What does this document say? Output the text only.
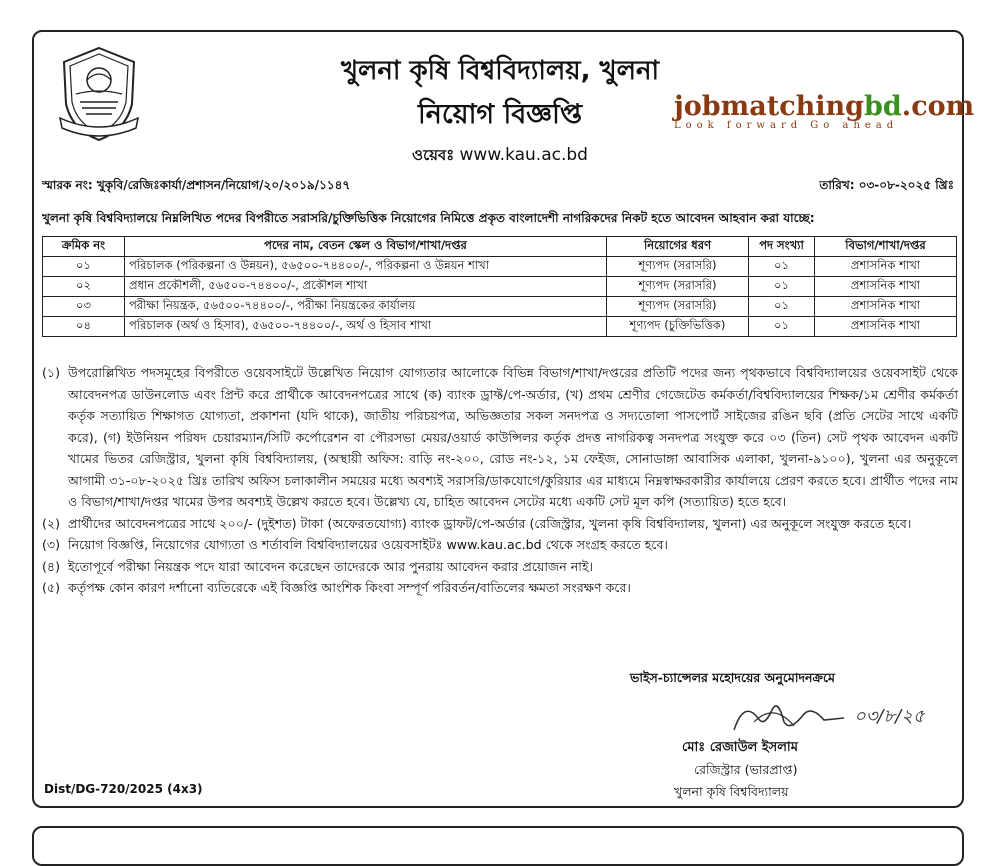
খুলনা কৃষি বিশ্ববিদ্যালয়, খুলনা
নিয়োগ বিজ্ঞপ্তি	jobmatchingbd.com
Look forward Go ahead
ওয়েবঃ www.kau.ac.bd
স্মারক নং: খুকৃবি/রেজিঃকার্যা/প্রশাসন/নিয়োগ/২০/২০১৯/১১৪৭	তারিখ: ০৩-০৮-২০২৫ খ্রিঃ
খুলনা কৃষি বিশ্ববিদ্যালয়ে নিম্নলিখিত পদের বিপরীতে সরাসরি/চুক্তিভিত্তিক নিয়োগের নিমিত্তে প্রকৃত বাংলাদেশী নাগরিকদের নিকট হতে আবেদন আহবান করা যাচ্ছে:
ক্রমিক নং	পদের নাম, বেতন স্কেল ও বিভাগ/শাখা/দপ্তর	নিয়োগের ধরণ	পদ সংখ্যা	বিভাগ/শাখা/দপ্তর
০১	পরিচালক (পরিকল্পনা ও উন্নয়ন), ৫৬৫০০-৭৪৪০০/-, পরিকল্পনা ও উন্নয়ন শাখা	শূণ্যপদ (সরাসরি)	০১	প্রশাসনিক শাখা
০২	প্রধান প্রকৌশলী, ৫৬৫০০-৭৪৪০০/-, প্রকৌশল শাখা	শূণ্যপদ (সরাসরি)	০১	প্রশাসনিক শাখা
০৩	পরীক্ষা নিয়ন্ত্রক, ৫৬৫০০-৭৪৪০০/-, পরীক্ষা নিয়ন্ত্রকের কার্যালয়	শূণ্যপদ (সরাসরি)	০১	প্রশাসনিক শাখা
০৪	পরিচালক (অর্থ ও হিসাব), ৫৬৫০০-৭৪৪০০/-, অর্থ ও হিসাব শাখা	শূণ্যপদ (চুক্তিভিত্তিক)	০১	প্রশাসনিক শাখা
(১) উপরোল্লিখিত পদসমূহের বিপরীতে ওয়েবসাইটে উল্লেখিত নিয়োগ যোগ্যতার আলোকে বিভিন্ন বিভাগ/শাখা/দপ্তরের প্রতিটি পদের জন্য পৃথকভাবে বিশ্ববিদ্যালয়ের ওয়েবসাইট থেকে আবেদনপত্র ডাউনলোড এবং প্রিন্ট করে প্রার্থীকে আবেদনপত্রের সাথে (ক) ব্যাংক ড্রাফ্ট/পে-অর্ডার, (খ) প্রথম শ্রেণীর গেজেটেড কর্মকর্তা/বিশ্ববিদ্যালয়ের শিক্ষক/১ম শ্রেণীর কর্মকর্তা কর্তৃক সত্যায়িত শিক্ষাগত যোগ্যতা, প্রকাশনা (যদি থাকে), জাতীয় পরিচয়পত্র, অভিজ্ঞতার সকল সনদপত্র ও সদ্যতোলা পাসপোর্ট সাইজের রঙিন ছবি (প্রতি সেটের সাথে একটি করে), (গ) ইউনিয়ন পরিষদ চেয়ারম্যান/সিটি কর্পোরেশন বা পৌরসভা মেয়র/ওয়ার্ড কাউন্সিলর কর্তৃক প্রদত্ত নাগরিকত্ব সনদপত্র সংযুক্ত করে ০৩ (তিন) সেট পৃথক আবেদন একটি খামের ভিতর রেজিস্ট্রার, খুলনা কৃষি বিশ্ববিদ্যালয়, (অস্থায়ী অফিস: বাড়ি নং-২০০, রোড নং-১২, ১ম ফেইজ, সোনাডাঙ্গা আবাসিক এলাকা, খুলনা-৯১০০), খুলনা এর অনুকূলে আগামী ৩১-০৮-২০২৫ খ্রিঃ তারিখ অফিস চলাকালীন সময়ের মধ্যে অবশ্যই সরাসরি/ডাকযোগে/কুরিয়ার এর মাধ্যমে নিম্নস্বাক্ষরকারীর কার্যালয়ে প্রেরণ করতে হবে। প্রার্থীত পদের নাম ও বিভাগ/শাখা/দপ্তর খামের উপর অবশ্যই উল্লেখ করতে হবে। উল্লেখ্য যে, চাহিত আবেদন সেটের মধ্যে একটি সেট মূল কপি (সত্যায়িত) হতে হবে।
(২) প্রার্থীদের আবেদনপত্রের সাথে ২০০/- (দুইশত) টাকা (অফেরতযোগ্য) ব্যাংক ড্রাফট/পে-অর্ডার (রেজিস্ট্রার, খুলনা কৃষি বিশ্ববিদ্যালয়, খুলনা) এর অনুকূলে সংযুক্ত করতে হবে।
(৩) নিয়োগ বিজ্ঞপ্তি, নিয়োগের যোগ্যতা ও শর্তাবলি বিশ্ববিদ্যালয়ের ওয়েবসাইটঃ www.kau.ac.bd থেকে সংগ্রহ করতে হবে।
(৪) ইতোপূর্বে পরীক্ষা নিয়ন্ত্রক পদে যারা আবেদন করেছেন তাদেরকে আর পুনরায় আবেদন করার প্রয়োজন নাই।
(৫) কর্তৃপক্ষ কোন কারণ দর্শানো ব্যতিরেকে এই বিজ্ঞপ্তি আংশিক কিংবা সম্পূর্ণ পরিবর্তন/বাতিলের ক্ষমতা সংরক্ষণ করে।
ভাইস-চ্যান্সেলর মহোদয়ের অনুমোদনক্রমে
০৩/৮/২৫
মোঃ রেজাউল ইসলাম
রেজিস্ট্রার (ভারপ্রাপ্ত)
খুলনা কৃষি বিশ্ববিদ্যালয়
Dist/DG-720/2025 (4x3)
